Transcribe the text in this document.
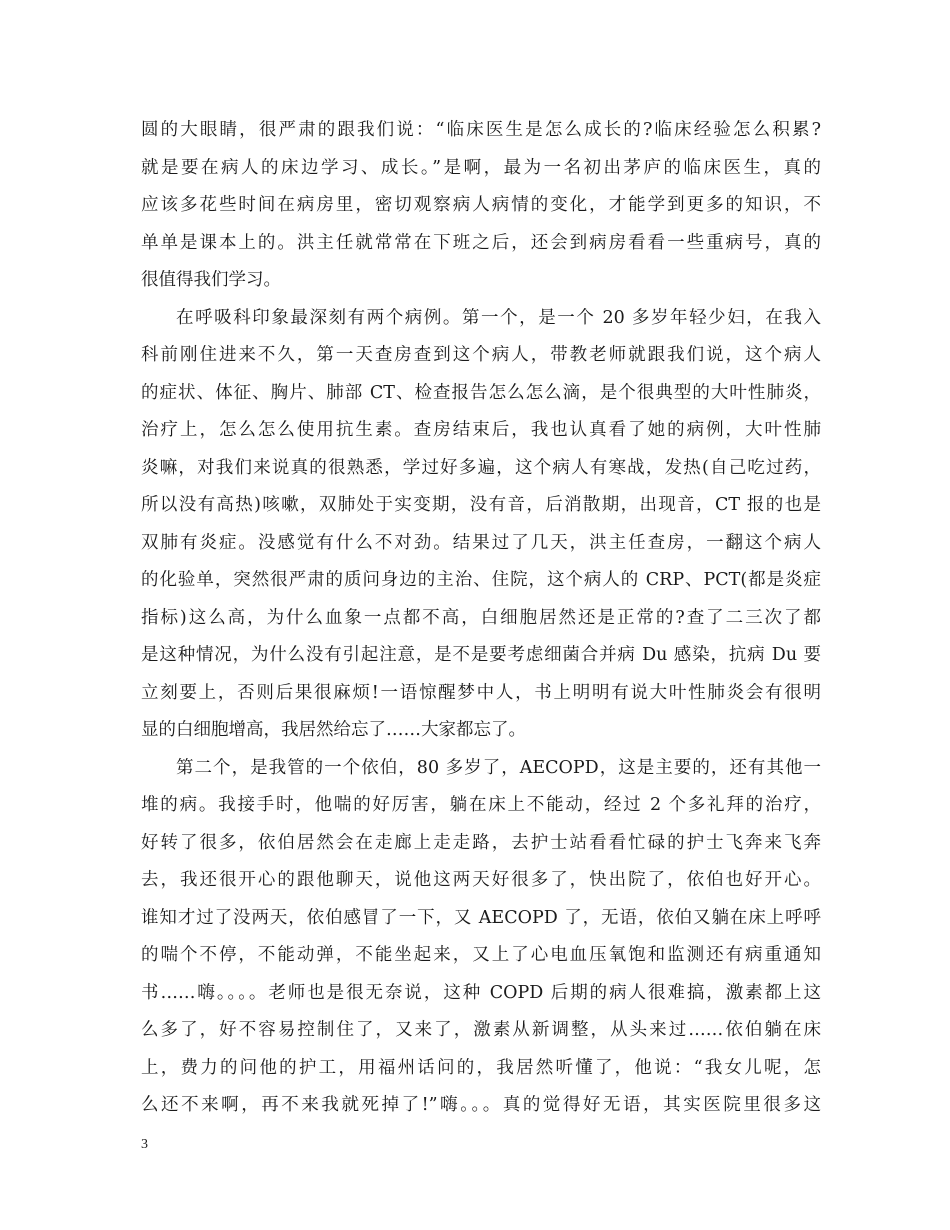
圆的大眼睛，很严肃的跟我们说：“临床医生是怎么成长的?临床经验怎么积累?
就是要在病人的床边学习、成长。”是啊，最为一名初出茅庐的临床医生，真的
应该多花些时间在病房里，密切观察病人病情的变化，才能学到更多的知识，不
单单是课本上的。洪主任就常常在下班之后，还会到病房看看一些重病号，真的
很值得我们学习。
在呼吸科印象最深刻有两个病例。第一个，是一个 20 多岁年轻少妇，在我入
科前刚住进来不久，第一天查房查到这个病人，带教老师就跟我们说，这个病人
的症状、体征、胸片、肺部 CT、检查报告怎么怎么滴，是个很典型的大叶性肺炎，
治疗上，怎么怎么使用抗生素。查房结束后，我也认真看了她的病例，大叶性肺
炎嘛，对我们来说真的很熟悉，学过好多遍，这个病人有寒战，发热(自己吃过药，
所以没有高热)咳嗽，双肺处于实变期，没有音，后消散期，出现音，CT 报的也是
双肺有炎症。没感觉有什么不对劲。结果过了几天，洪主任查房，一翻这个病人
的化验单，突然很严肃的质问身边的主治、住院，这个病人的 CRP、PCT(都是炎症
指标)这么高，为什么血象一点都不高，白细胞居然还是正常的?查了二三次了都
是这种情况，为什么没有引起注意，是不是要考虑细菌合并病 Du 感染，抗病 Du 要
立刻要上，否则后果很麻烦!一语惊醒梦中人，书上明明有说大叶性肺炎会有很明
显的白细胞增高，我居然给忘了……大家都忘了。
第二个，是我管的一个依伯，80 多岁了，AECOPD，这是主要的，还有其他一
堆的病。我接手时，他喘的好厉害，躺在床上不能动，经过 2 个多礼拜的治疗，
好转了很多，依伯居然会在走廊上走走路，去护士站看看忙碌的护士飞奔来飞奔
去，我还很开心的跟他聊天，说他这两天好很多了，快出院了，依伯也好开心。
谁知才过了没两天，依伯感冒了一下，又 AECOPD 了，无语，依伯又躺在床上呼呼
的喘个不停，不能动弹，不能坐起来，又上了心电血压氧饱和监测还有病重通知
书……嗨。。。。老师也是很无奈说，这种 COPD 后期的病人很难搞，激素都上这
么多了，好不容易控制住了，又来了，激素从新调整，从头来过……依伯躺在床
上，费力的问他的护工，用福州话问的，我居然听懂了，他说：“我女儿呢，怎
么还不来啊，再不来我就死掉了!”嗨。。。真的觉得好无语，其实医院里很多这
3
